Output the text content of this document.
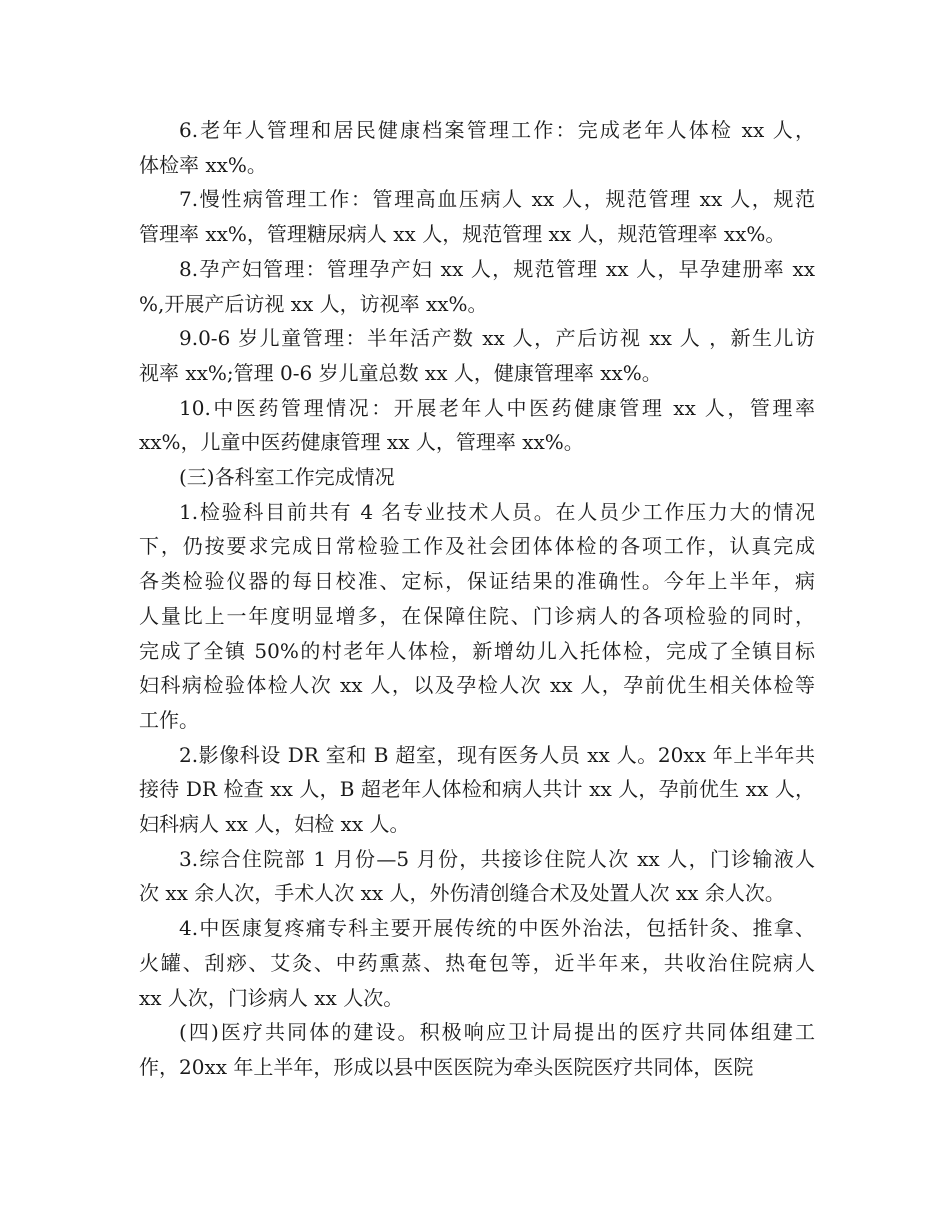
6.老年人管理和居民健康档案管理工作：完成老年人体检 xx 人，
体检率 xx%。
7.慢性病管理工作：管理高血压病人 xx 人，规范管理 xx 人，规范
管理率 xx%，管理糖尿病人 xx 人，规范管理 xx 人，规范管理率 xx%。
8.孕产妇管理：管理孕产妇 xx 人，规范管理 xx 人，早孕建册率 xx
%,开展产后访视 xx 人，访视率 xx%。
9.0-6 岁儿童管理：半年活产数 xx 人，产后访视 xx 人 ，新生儿访
视率 xx%;管理 0-6 岁儿童总数 xx 人，健康管理率 xx%。
10.中医药管理情况：开展老年人中医药健康管理 xx 人，管理率
xx%，儿童中医药健康管理 xx 人，管理率 xx%。
(三)各科室工作完成情况
1.检验科目前共有 4 名专业技术人员。在人员少工作压力大的情况
下，仍按要求完成日常检验工作及社会团体体检的各项工作，认真完成
各类检验仪器的每日校准、定标，保证结果的准确性。今年上半年，病
人量比上一年度明显增多，在保障住院、门诊病人的各项检验的同时，
完成了全镇 50%的村老年人体检，新增幼儿入托体检，完成了全镇目标
妇科病检验体检人次 xx 人，以及孕检人次 xx 人，孕前优生相关体检等
工作。
2.影像科设 DR 室和 B 超室，现有医务人员 xx 人。20xx 年上半年共
接待 DR 检查 xx 人，B 超老年人体检和病人共计 xx 人，孕前优生 xx 人，
妇科病人 xx 人，妇检 xx 人。
3.综合住院部 1 月份—5 月份，共接诊住院人次 xx 人，门诊输液人
次 xx 余人次，手术人次 xx 人，外伤清创缝合术及处置人次 xx 余人次。
4.中医康复疼痛专科主要开展传统的中医外治法，包括针灸、推拿、
火罐、刮痧、艾灸、中药熏蒸、热奄包等，近半年来，共收治住院病人
xx 人次，门诊病人 xx 人次。
(四)医疗共同体的建设。积极响应卫计局提出的医疗共同体组建工
作，20xx 年上半年，形成以县中医医院为牵头医院医疗共同体，医院
